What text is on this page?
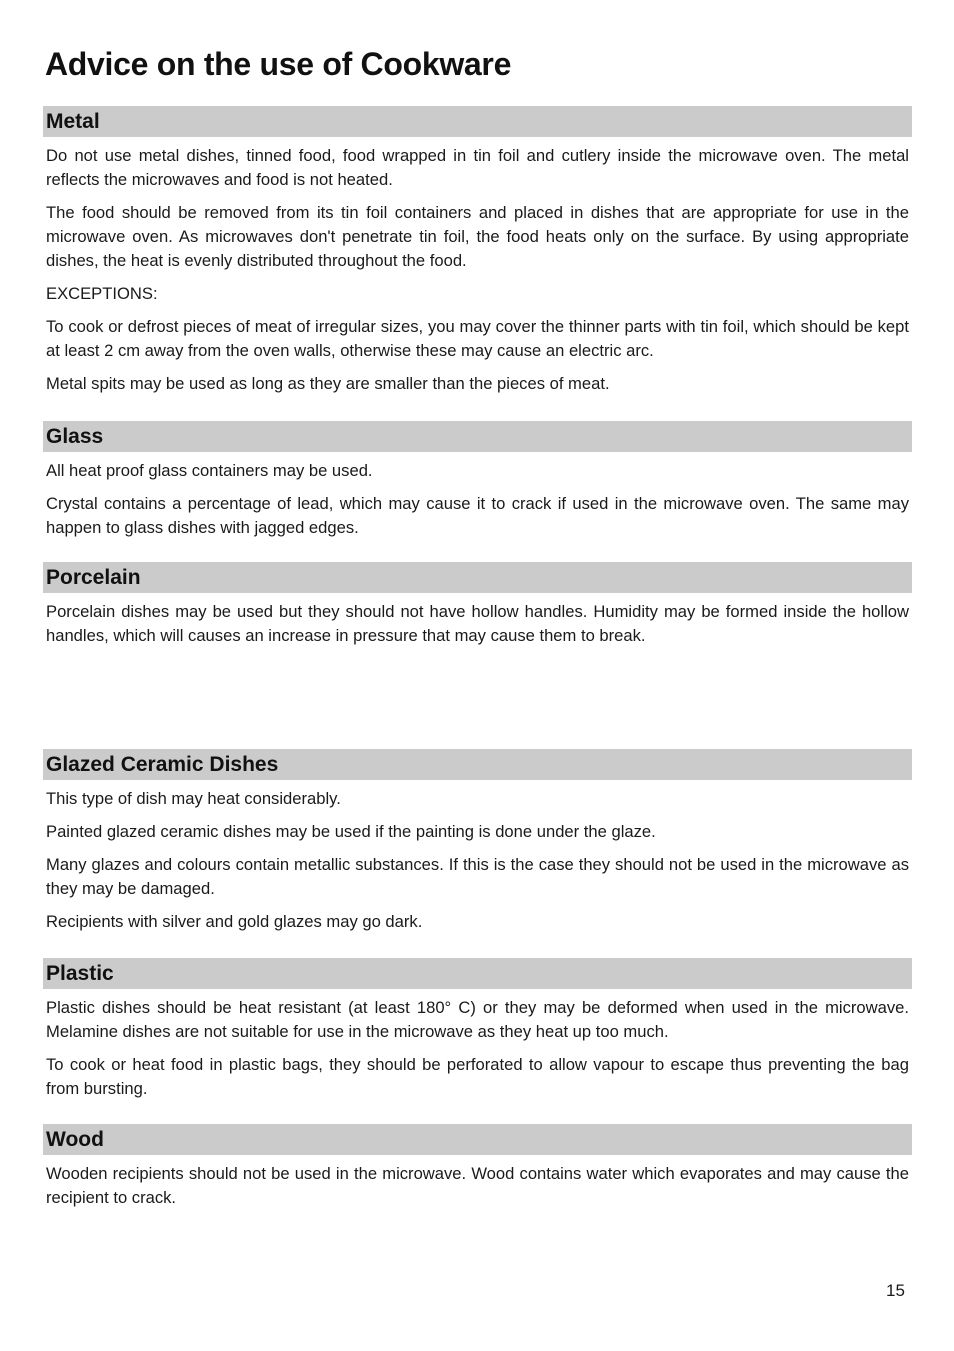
Advice on the use of Cookware
Metal

Do not use metal dishes, tinned food, food wrapped in tin foil and cutlery inside the microwave oven. The metal reflects the microwaves and food is not heated.

The food should be removed from its tin foil containers and placed in dishes that are appropriate for use in the microwave oven. As microwaves don't penetrate tin foil, the food heats only on the surface. By using appropriate dishes, the heat is evenly distributed throughout the food.

EXCEPTIONS:

To cook or defrost pieces of meat of irregular sizes, you may cover the thinner parts with tin foil, which should be kept at least 2 cm away from the oven walls, otherwise these may cause an electric arc.

Metal spits may be used as long as they are smaller than the pieces of meat.

Glass

All heat proof glass containers may be used.

Crystal contains a percentage of lead, which may cause it to crack if used in the microwave oven. The same may happen to glass dishes with jagged edges.

Porcelain

Porcelain dishes may be used but they should not have hollow handles. Humidity may be formed inside the hollow handles, which will causes an increase in pressure that may cause them to break.

Glazed Ceramic Dishes

This type of dish may heat considerably.

Painted glazed ceramic dishes may be used if the painting is done under the glaze.

Many glazes and colours contain metallic substances. If this is the case they should not be used in the microwave as they may be damaged.

Recipients with silver and gold glazes may go dark.

Plastic

Plastic dishes should be heat resistant (at least 180° C) or they may be deformed when used in the microwave. Melamine dishes are not suitable for use in the microwave as they heat up too much.

To cook or heat food in plastic bags, they should be perforated to allow vapour to escape thus preventing the bag from bursting.

Wood

Wooden recipients should not be used in the microwave. Wood contains water which evaporates and may cause the recipient to crack.

15
